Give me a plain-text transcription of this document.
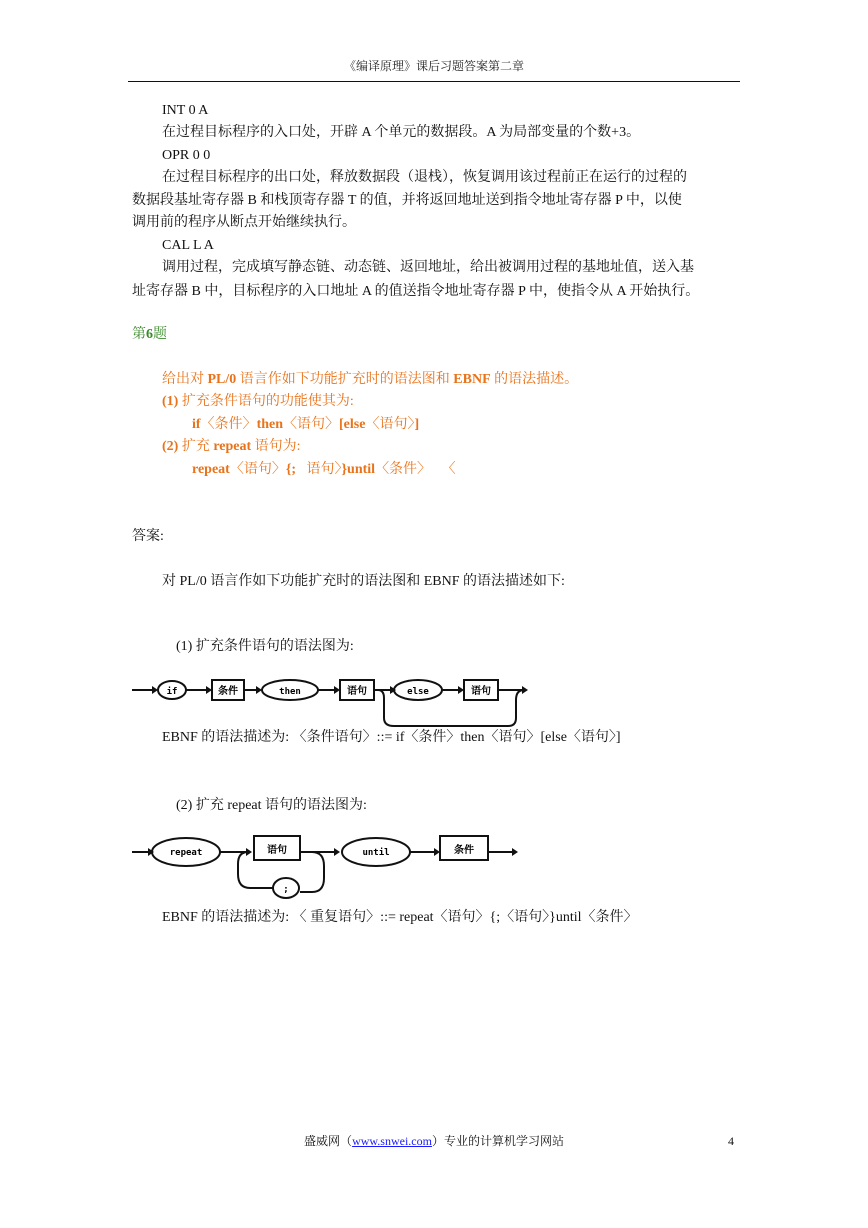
《编译原理》课后习题答案第二章
INT 0 A
在过程目标程序的入口处，开辟 A 个单元的数据段。A 为局部变量的个数+3。
OPR 0 0
在过程目标程序的出口处，释放数据段（退栈），恢复调用该过程前正在运行的过程的
数据段基址寄存器 B 和栈顶寄存器 T 的值，并将返回地址送到指令地址寄存器 P 中，以使
调用前的程序从断点开始继续执行。
CAL L A
调用过程，完成填写静态链、动态链、返回地址，给出被调用过程的基地址值，送入基
址寄存器 B 中，目标程序的入口地址 A 的值送指令地址寄存器 P 中，使指令从 A 开始执行。
第6题
给出对 PL/0 语言作如下功能扩充时的语法图和 EBNF 的语法描述。
(1) 扩充条件语句的功能使其为:
if〈条件〉then〈语句〉[else〈语句〉]
(2) 扩充 repeat 语句为:
repeat〈语句〉{; 语句〉}until〈条件〉 〈
答案:
对 PL/0 语言作如下功能扩充时的语法图和 EBNF 的语法描述如下:
(1) 扩充条件语句的语法图为:
if	条件	then	语句	else	语句
EBNF 的语法描述为: 〈条件语句〉::= if〈条件〉then〈语句〉[else〈语句〉]
(2) 扩充 repeat 语句的语法图为:
repeat	语句
;
until	条件
EBNF 的语法描述为: 〈 重复语句〉::= repeat〈语句〉{;〈语句〉}until〈条件〉
盛威网（www.snwei.com）专业的计算机学习网站	4
